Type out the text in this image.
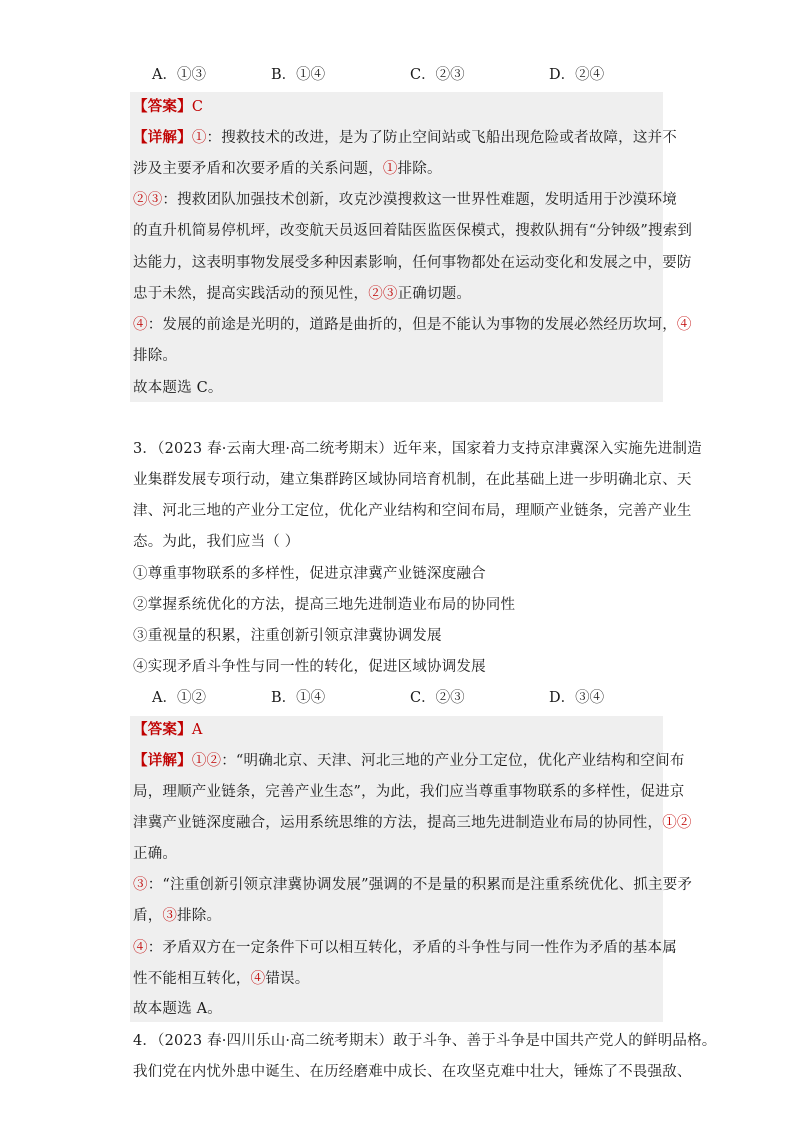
A．①③	B．①④	C．②③	D．②④
【答案】C
【详解】①：搜救技术的改进，是为了防止空间站或飞船出现危险或者故障，这并不
涉及主要矛盾和次要矛盾的关系问题，①排除。
②③：搜救团队加强技术创新，攻克沙漠搜救这一世界性难题，发明适用于沙漠环境
的直升机简易停机坪，改变航天员返回着陆医监医保模式，搜救队拥有“分钟级”搜索到
达能力，这表明事物发展受多种因素影响，任何事物都处在运动变化和发展之中，要防
忠于未然，提高实践活动的预见性，②③正确切题。
④：发展的前途是光明的，道路是曲折的，但是不能认为事物的发展必然经历坎坷，④
排除。
故本题选 C。
3．（2023 春·云南大理·高二统考期末）近年来，国家着力支持京津冀深入实施先进制造
业集群发展专项行动，建立集群跨区域协同培育机制，在此基础上进一步明确北京、天
津、河北三地的产业分工定位，优化产业结构和空间布局，理顺产业链条，完善产业生
态。为此，我们应当（ ）
①尊重事物联系的多样性，促进京津冀产业链深度融合
②掌握系统优化的方法，提高三地先进制造业布局的协同性
③重视量的积累，注重创新引领京津冀协调发展
④实现矛盾斗争性与同一性的转化，促进区域协调发展
A．①②	B．①④	C．②③	D．③④
【答案】A
【详解】①②：“明确北京、天津、河北三地的产业分工定位，优化产业结构和空间布
局，理顺产业链条，完善产业生态”，为此，我们应当尊重事物联系的多样性，促进京
津冀产业链深度融合，运用系统思维的方法，提高三地先进制造业布局的协同性，①②
正确。
③：“注重创新引领京津冀协调发展”强调的不是量的积累而是注重系统优化、抓主要矛
盾，③排除。
④：矛盾双方在一定条件下可以相互转化，矛盾的斗争性与同一性作为矛盾的基本属
性不能相互转化，④错误。
故本题选 A。
4．（2023 春·四川乐山·高二统考期末）敢于斗争、善于斗争是中国共产党人的鲜明品格。
我们党在内忧外患中诞生、在历经磨难中成长、在攻坚克难中壮大，锤炼了不畏强敌、
